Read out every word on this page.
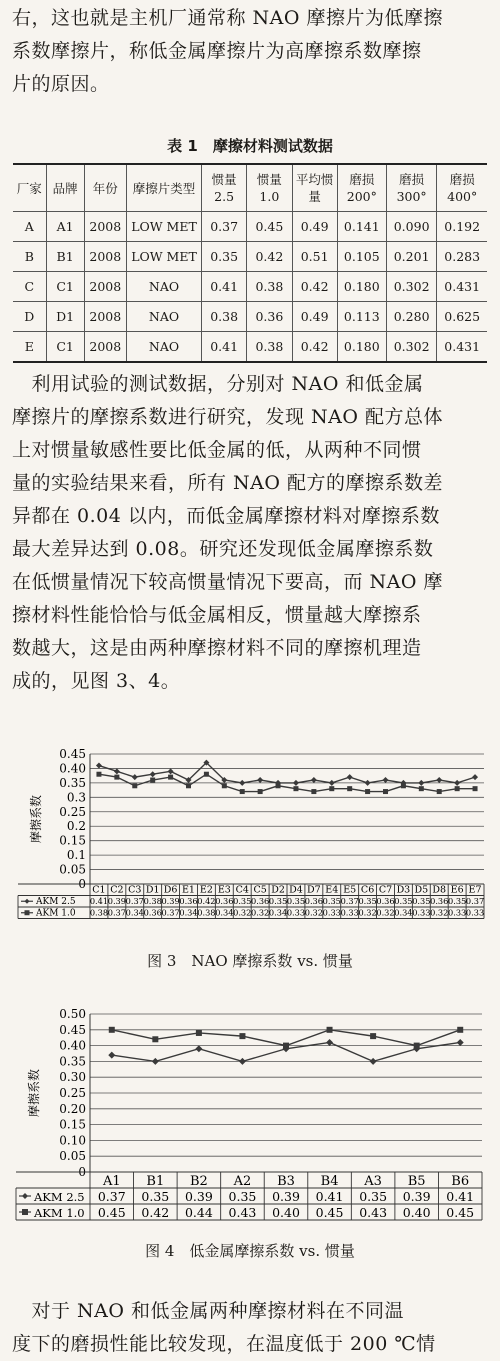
右，这也就是主机厂通常称 NAO 摩擦片为低摩擦
系数摩擦片，称低金属摩擦片为高摩擦系数摩擦
片的原因。
表 1　摩擦材料测试数据
厂家	品牌	年份	摩擦片类型	惯量 2.5	惯量 1.0	平均惯量	磨损 200°	磨损 300°	磨损 400°
A	A1	2008	LOW MET	0.37	0.45	0.49	0.141	0.090	0.192
B	B1	2008	LOW MET	0.35	0.42	0.51	0.105	0.201	0.283
C	C1	2008	NAO	0.41	0.38	0.42	0.180	0.302	0.431
D	D1	2008	NAO	0.38	0.36	0.49	0.113	0.280	0.625
E	C1	2008	NAO	0.41	0.38	0.42	0.180	0.302	0.431
　利用试验的测试数据，分别对 NAO 和低金属
摩擦片的摩擦系数进行研究，发现 NAO 配方总体
上对惯量敏感性要比低金属的低，从两种不同惯
量的实验结果来看，所有 NAO 配方的摩擦系数差
异都在 0.04 以内，而低金属摩擦材料对摩擦系数
最大差异达到 0.08。研究还发现低金属摩擦系数
在低惯量情况下较高惯量情况下要高，而 NAO 摩
擦材料性能恰恰与低金属相反，惯量越大摩擦系
数越大，这是由两种摩擦材料不同的摩擦机理造
成的，见图 3、4。
0
0.05
0.1
0.15
0.2
0.25
0.3
0.35
0.40
0.45
摩擦系数
C1 C2 C3 D1 D6 E1 E2 E3 C4 C5 D2 D4 D7 E4 E5 C6 C7 D3 D5 D8 E6 E7
AKM 2.5 0.41 0.39 0.37 0.38 0.39 0.36 0.42 0.36 0.35 0.36 0.35 0.35 0.36 0.35 0.37 0.35 0.36 0.35 0.35 0.36 0.35 0.37
AKM 1.0 0.38 0.37 0.34 0.36 0.37 0.34 0.38 0.34 0.32 0.32 0.34 0.33 0.32 0.33 0.33 0.32 0.32 0.34 0.33 0.32 0.33 0.33
图 3　NAO 摩擦系数 vs. 惯量
0
0.05
0.10
0.15
0.20
0.25
0.30
0.35
0.40
0.45
0.50
摩擦系数
A1 B1 B2 A2 B3 B4 A3 B5 B6
AKM 2.5 0.37 0.35 0.39 0.35 0.39 0.41 0.35 0.39 0.41
AKM 1.0 0.45 0.42 0.44 0.43 0.40 0.45 0.43 0.40 0.45
图 4　低金属摩擦系数 vs. 惯量
　对于 NAO 和低金属两种摩擦材料在不同温
度下的磨损性能比较发现，在温度低于 200 ℃情
